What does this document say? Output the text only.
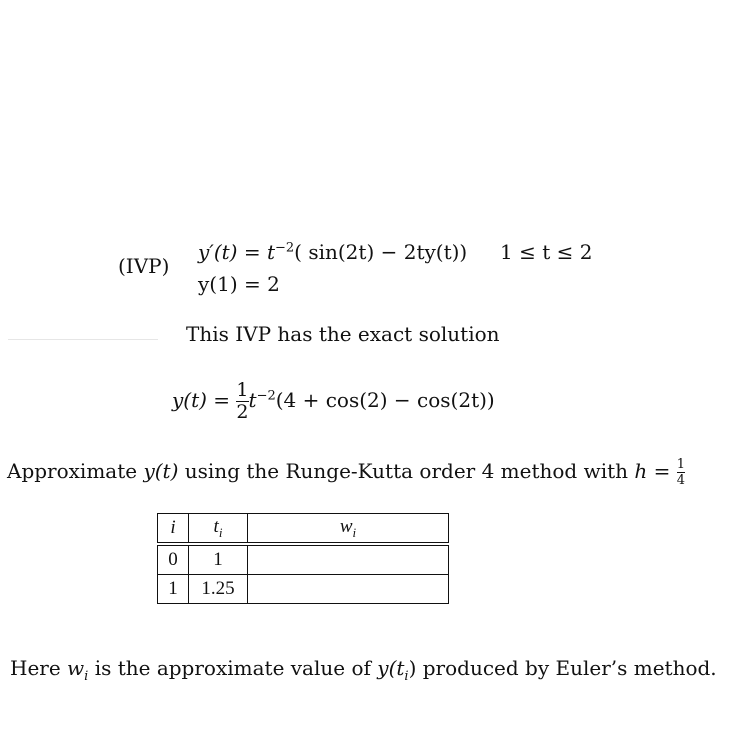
(IVP)
$y'(t) = t^{-2}$( sin(2t) − 2ty(t)) 1 ≤ t ≤ 2
y(1) = 2
This IVP has the exact solution
$y(t) = \frac{1}{2} t^{-2}(4 + \cos(2) - \cos(2t))$
Approximate y(t) using the Runge-Kutta order 4 method with $h = \frac{1}{4}$
i	$t_i$	$w_i$

0	1	
1	1.25	
Here $w_i$ is the approximate value of $y(t_i)$ produced by Euler’s method.
